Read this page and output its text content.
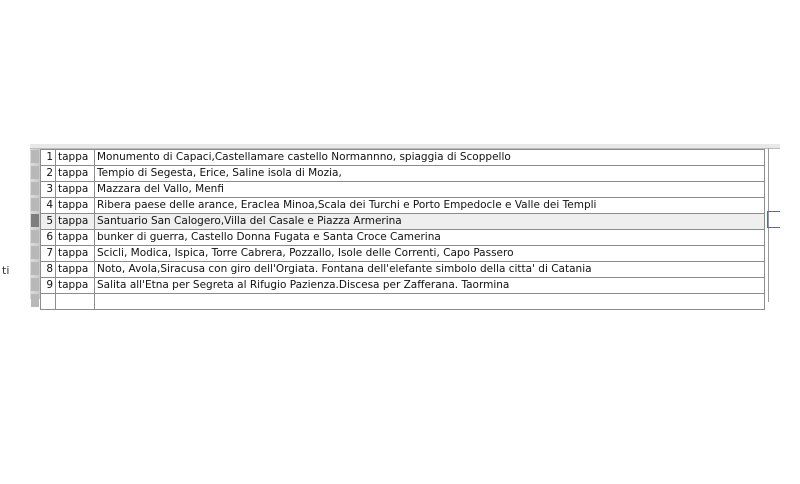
ti
1	tappa	Monumento di Capaci,Castellamare castello Normannno, spiaggia di Scoppello
2	tappa	Tempio di Segesta, Erice, Saline isola di Mozia,
3	tappa	Mazzara del Vallo, Menfi
4	tappa	Ribera paese delle arance, Eraclea Minoa,Scala dei Turchi e Porto Empedocle e Valle dei Templi
5	tappa	Santuario San Calogero,Villa del Casale e Piazza Armerina
6	tappa	bunker di guerra, Castello Donna Fugata e Santa Croce Camerina
7	tappa	Scicli, Modica, Ispica, Torre Cabrera, Pozzallo, Isole delle Correnti, Capo Passero
8	tappa	Noto, Avola,Siracusa con giro dell'Orgiata. Fontana dell'elefante simbolo della citta' di Catania
9	tappa	Salita all'Etna per Segreta al Rifugio Pazienza.Discesa per Zafferana. Taormina
